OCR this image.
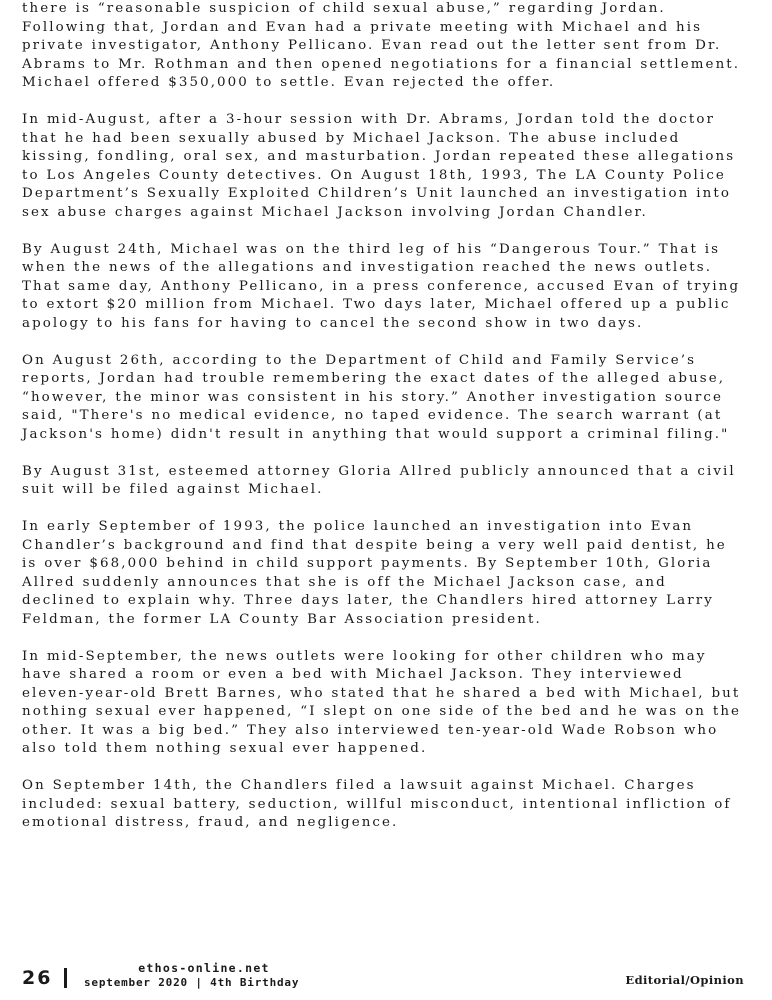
there is “reasonable suspicion of child sexual abuse,” regarding Jordan. Following that, Jordan and Evan had a private meeting with Michael and his private investigator, Anthony Pellicano. Evan read out the letter sent from Dr. Abrams to Mr. Rothman and then opened negotiations for a financial settlement. Michael offered $350,000 to settle. Evan rejected the offer.

In mid-August, after a 3-hour session with Dr. Abrams, Jordan told the doctor that he had been sexually abused by Michael Jackson. The abuse included kissing, fondling, oral sex, and masturbation. Jordan repeated these allegations to Los Angeles County detectives. On August 18th, 1993, The LA County Police Department’s Sexually Exploited Children’s Unit launched an investigation into sex abuse charges against Michael Jackson involving Jordan Chandler.

By August 24th, Michael was on the third leg of his “Dangerous Tour.” That is when the news of the allegations and investigation reached the news outlets. That same day, Anthony Pellicano, in a press conference, accused Evan of trying to extort $20 million from Michael. Two days later, Michael offered up a public apology to his fans for having to cancel the second show in two days.

On August 26th, according to the Department of Child and Family Service’s reports, Jordan had trouble remembering the exact dates of the alleged abuse, “however, the minor was consistent in his story.” Another investigation source said, "There's no medical evidence, no taped evidence. The search warrant (at Jackson's home) didn't result in anything that would support a criminal filing."

By August 31st, esteemed attorney Gloria Allred publicly announced that a civil suit will be filed against Michael.

In early September of 1993, the police launched an investigation into Evan Chandler’s background and find that despite being a very well paid dentist, he is over $68,000 behind in child support payments. By September 10th, Gloria Allred suddenly announces that she is off the Michael Jackson case, and declined to explain why. Three days later, the Chandlers hired attorney Larry Feldman, the former LA County Bar Association president.

In mid-September, the news outlets were looking for other children who may have shared a room or even a bed with Michael Jackson. They interviewed eleven-year-old Brett Barnes, who stated that he shared a bed with Michael, but nothing sexual ever happened, “I slept on one side of the bed and he was on the other. It was a big bed.” They also interviewed ten-year-old Wade Robson who also told them nothing sexual ever happened.

On September 14th, the Chandlers filed a lawsuit against Michael. Charges included: sexual battery, seduction, willful misconduct, intentional infliction of emotional distress, fraud, and negligence.

26	ethos-online.net
september 2020 | 4th Birthday	Editorial/Opinion
